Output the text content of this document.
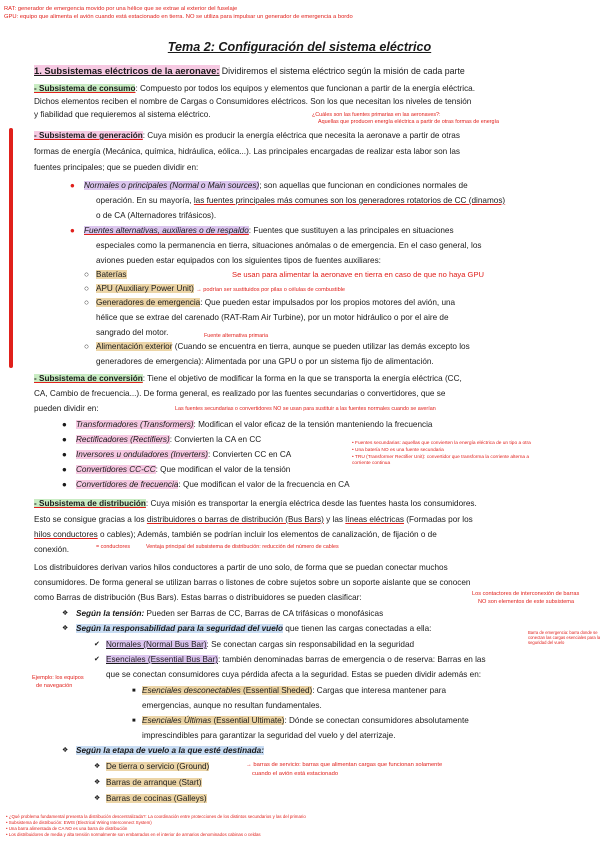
RAT: generador de emergencia movido por una hélice que se extrae al exterior del fuselaje
GPU: equipo que alimenta el avión cuando está estacionado en tierra. NO se utiliza para impulsar un generador de emergencia a bordo
Tema 2: Configuración del sistema eléctrico
1. Subsistemas eléctricos de la aeronave: Dividiremos el sistema eléctrico según la misión de cada parte
- Subsistema de consumo: Compuesto por todos los equipos y elementos que funcionan a partir de la energía eléctrica.
Dichos elementos reciben el nombre de Cargas o Consumidores eléctricos. Son los que necesitan los niveles de tensión
y fiabilidad que requieremos al sistema eléctrico.	¿Cuáles son las fuentes primarias en las aeronaves?:
Aquellas que producen energía eléctrica a partir de otras formas de energía
- Subsistema de generación: Cuya misión es producir la energía eléctrica que necesita la aeronave a partir de otras
formas de energía (Mecánica, química, hidráulica, eólica...). Las principales encargadas de realizar esta labor son las
fuentes principales; que se pueden dividir en:
● Normales o principales (Normal o Main sources); son aquellas que funcionan en condiciones normales de
operación. En su mayoría, las fuentes principales más comunes son los generadores rotatorios de CC (dinamos)
o de CA (Alternadores trifásicos).
● Fuentes alternativas, auxiliares o de respaldo: Fuentes que sustituyen a las principales en situaciones
especiales como la permanencia en tierra, situaciones anómalas o de emergencia. En el caso general, los
aviones pueden estar equipados con los siguientes tipos de fuentes auxiliares:
○ Baterías	Se usan para alimentar la aeronave en tierra en caso de que no haya GPU
○ APU (Auxiliary Power Unit) → podrían ser sustituidos por pilas o células de combustible
○ Generadores de emergencia: Que pueden estar impulsados por los propios motores del avión, una
hélice que se extrae del carenado (RAT-Ram Air Turbine), por un motor hidráulico o por el aire de
sangrado del motor.	Fuente alternativa primaria
○ Alimentación exterior (Cuando se encuentra en tierra, aunque se pueden utilizar las demás excepto los
generadores de emergencia): Alimentada por una GPU o por un sistema fijo de alimentación.
- Subsistema de conversión: Tiene el objetivo de modificar la forma en la que se transporta la energía eléctrica (CC,
CA, Cambio de frecuencia...). De forma general, es realizado por las fuentes secundarias o convertidores, que se
pueden dividir en:	Las fuentes secundarias o convertidores NO se usan para sustituir a las fuentes normales cuando se averían
● Transformadores (Transformers): Modifican el valor eficaz de la tensión manteniendo la frecuencia
● Rectificadores (Rectifiers): Convierten la CA en CC
● Inversores u onduladores (Inverters): Convierten CC en CA
● Convertidores CC-CC: Que modifican el valor de la tensión
● Convertidores de frecuencia: Que modifican el valor de la frecuencia en CA
• Fuentes secundarias: aquellas que convierten la energía eléctrica de un tipo a otra
• Una batería NO es una fuente secundaria
• TRU (Transformer Rectifier Unit): convertidor que transforma la corriente alterna a
corriente continua
- Subsistema de distribución: Cuya misión es transportar la energía eléctrica desde las fuentes hasta los consumidores.
Esto se consigue gracias a los distribuidores o barras de distribución (Bus Bars) y las líneas eléctricas (Formadas por los
hilos conductores o cables); Además, también se podrían incluir los elementos de canalización, de fijación o de
conexión.	= conductores	Ventaja principal del subsistema de distribución: reducción del número de cables
Los distribuidores derivan varios hilos conductores a partir de uno solo, de forma que se puedan conectar muchos
consumidores. De forma general se utilizan barras o listones de cobre sujetos sobre un soporte aislante que se conocen
como Barras de distribución (Bus Bars). Estas barras o distribuidores se pueden clasificar:	Los contactores de interconexión de barras
NO son elementos de este subsistema
❖ Según la tensión: Pueden ser Barras de CC, Barras de CA trifásicas o monofásicas
❖ Según la responsabilidad para la seguridad del vuelo que tienen las cargas conectadas a ella:	Barra de emergencia: barra donde se
conectan las cargas esenciales para la
seguridad del vuelo
✔ Normales (Normal Bus Bar): Se conectan cargas sin responsabilidad en la seguridad
✔ Esenciales (Essential Bus Bar): también denominadas barras de emergencia o de reserva: Barras en las
que se conectan consumidores cuya pérdida afecta a la seguridad. Estas se pueden dividir además en:
Ejemplo: los equipos
de navegación
■ Esenciales desconectables (Essential Sheded): Cargas que interesa mantener para
emergencias, aunque no resultan fundamentales.
■ Esenciales Últimas (Essential Ultimate): Dónde se conectan consumidores absolutamente
imprescindibles para garantizar la seguridad del vuelo y del aterrizaje.
❖ Según la etapa de vuelo a la que esté destinada:
❖ De tierra o servicio (Ground)	→ barras de servicio: barras que alimentan cargas que funcionan solamente
cuando el avión está estacionado
❖ Barras de arranque (Start)
❖ Barras de cocinas (Galleys)
• ¿Qué problema fundamental presenta la distribución descentralizada?: La coordinación entre protecciones de los distintos secundarios y las del primario
• Subsistema de distribución: EWIS (Electrical Wiring Interconnect System)
• Una barra alimentada de CA NO es una barra de distribución
• Los distribuidores de media y alta tensión normalmente son embarrados en el interior de armarios denominados cabinas o celdas
